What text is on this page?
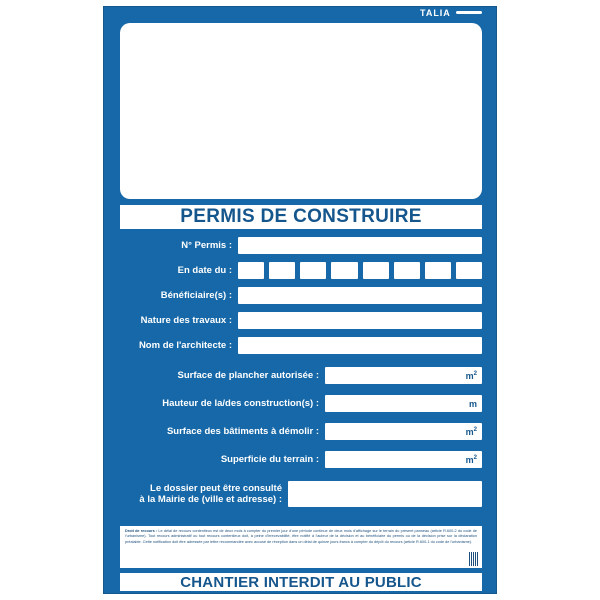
TALIA
PERMIS DE CONSTRUIRE
N° Permis :
En date du :
Bénéficiaire(s) :
Nature des travaux :
Nom de l'architecte :
Surface de plancher autorisée :	$m^2$
Hauteur de la/des construction(s) :	m
Surface des bâtiments à démolir :	$m^2$
Superficie du terrain :	$m^2$
Le dossier peut être consulté
à la Mairie de (ville et adresse) :

Droit de recours : Le délai de recours contentieux est de deux mois à compter du premier jour d'une période continue de deux mois d'affichage sur le terrain du présent panneau (article R.600-2 du code de l'urbanisme). Tout recours administratif ou tout recours contentieux doit, à peine d'irrecevabilité, être notifié à l'auteur de la décision et au bénéficiaire du permis ou de la décision prise sur la déclaration préalable. Cette notification doit être adressée par lettre recommandée avec accusé de réception dans un délai de quinze jours francs à compter du dépôt du recours (article R.600-1 du code de l'urbanisme).

CHANTIER INTERDIT AU PUBLIC
